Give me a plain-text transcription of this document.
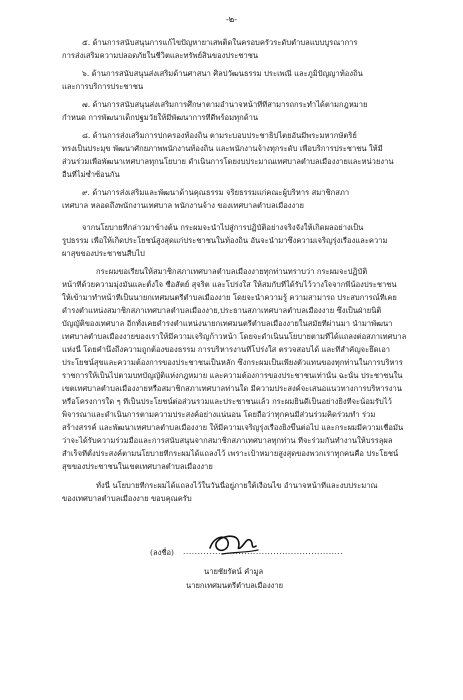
-๒-
๕. ด้านการสนับสนุนการแก้ไขปัญหายาเสพติดในครอบครัวระดับตำบลแบบบูรณาการ
การส่งเสริมความปลอดภัยในชีวิตและทรัพย์สินของประชาชน
๖. ด้านการสนับสนุนส่งเสริมด้านศาสนา ศิลปวัฒนธรรม ประเพณี และภูมิปัญญาท้องถิ่น
และการบริการประชาชน
๗. ด้านการสนับสนุนส่งเสริมการศึกษาตามอำนาจหน้าที่ที่สามารถกระทำได้ตามกฎหมาย
กำหนด การพัฒนาเด็กปฐมวัยให้มีพัฒนาการที่ดีพร้อมทุกด้าน
๘. ด้านการส่งเสริมการปกครองท้องถิ่น ตามระบอบประชาธิปไตยอันมีพระมหากษัตริย์
ทรงเป็นประมุข พัฒนาศักยภาพพนักงานท้องถิ่น และพนักงานจ้างทุกระดับ เพื่อบริการประชาชน ให้มี
ส่วนร่วมเพื่อพัฒนาเทศบาลทุกนโยบาย ดำเนินการโดยงบประมาณเทศบาลตำบลเมืองงายและหน่วยงาน
อื่นที่ไม่ซ้ำซ้อนกัน
๙. ด้านการส่งเสริมและพัฒนาด้านคุณธรรม จริยธรรมแก่คณะผู้บริหาร สมาชิกสภา
เทศบาล หลอดถึงพนักงานเทศบาล พนักงานจ้าง ของเทศบาลตำบลเมืองงาย
จากนโยบายที่กล่าวมาข้างต้น กระผมจะนำไปสู่การปฏิบัติอย่างจริงจังให้เกิดผลอย่างเป็น
รูปธรรม เพื่อให้เกิดประโยชน์สูงสุดแก่ประชาชนในท้องถิ่น อันจะนำมาซึ่งความเจริญรุ่งเรืองและความ
ผาสุขของประชาชนสืบไป
กระผมขอเรียนให้สมาชิกสภาเทศบาลตำบลเมืองงายทุกท่านทราบว่า กระผมจะปฏิบัติ
หน้าที่ด้วยความมุ่งมั่นและตั้งใจ ซื่อสัตย์ สุจริต และโปร่งใส ให้สมกับที่ได้รับไว้วางใจจากพี่น้องประชาชน
ให้เข้ามาทำหน้าที่เป็นนายกเทศมนตรีตำบลเมืองงาย โดยจะนำความรู้ ความสามารถ ประสบการณ์ที่เคย
ดำรงตำแหน่งสมาชิกสภาเทศบาลตำบลเมืองงาย,ประธานสภาเทศบาลตำบลเมืองงาย ซึ่งเป็นฝ่ายนิติ
บัญญัติของเทศบาล อีกทั้งเคยดำรงตำแหน่งนายกเทศมนตรีตำบลเมืองงายในสมัยที่ผ่านมา นำมาพัฒนา
เทศบาลตำบลเมืองงายของเราให้มีความเจริญก้าวหน้า โดยจะดำเนินนโยบายตามที่ได้แถลงต่อสภาเทศบาล
แห่งนี้ โดยคำนึงถึงความถูกต้องของธรรม การบริหารงานที่โปร่งใส ตรวจสอบได้ และที่สำคัญจะยึดเอา
ประโยชน์สุขและความต้องการของประชาชนเป็นหลัก ซึ่งกระผมเป็นเพียงตัวแทนของทุกท่านในการบริหาร
ราชการให้เป็นไปตามบทบัญญัติแห่งกฎหมาย และความต้องการของประชาชนเท่านั้น ฉะนั้น ประชาชนใน
เขตเทศบาลตำบลเมืองงายหรือสมาชิกสภาเทศบาลท่านใด มีความประสงค์จะเสนอแนวทางการบริหารงาน
หรือโครงการใด ๆ ที่เป็นประโยชน์ต่อส่วนรวมและประชาชนแล้ว กระผมยินดีเป็นอย่างยิ่งที่จะน้อมรับไว้
พิจารณาและดำเนินการตามความประสงค์อย่างแน่นอน โดยถือว่าทุกคนมีส่วนร่วมคิดร่วมทำ ร่วม
สร้างสรรค์ และพัฒนาเทศบาลตำบลเมืองงาย ให้มีความเจริญรุ่งเรืองยิ่งขึ้นต่อไป และกระผมมีความเชื่อมั่น
ว่าจะได้รับความร่วมมือและการสนับสนุนจากสมาชิกสภาเทศบาลทุกท่าน ที่จะร่วมกันทำงานให้บรรลุผล
สำเร็จที่ตั้งประสงค์ตามนโยบายที่กระผมได้แถลงไว้ เพราะเป้าหมายสูงสุดของพวกเราทุกคนคือ ประโยชน์
สุขของประชาชนในเขตเทศบาลตำบลเมืองงาย
ทั้งนี้ นโยบายที่กระผมได้แถลงไว้ในวันนี้อยู่ภายใต้เงื่อนไข อำนาจหน้าที่และงบประมาณ
ของเทศบาลตำบลเมืองงาย ขอบคุณครับ
(ลงชื่อ) .......................................................
นายชัยรัตน์ คำมูล
นายกเทศมนตรีตำบลเมืองงาย
